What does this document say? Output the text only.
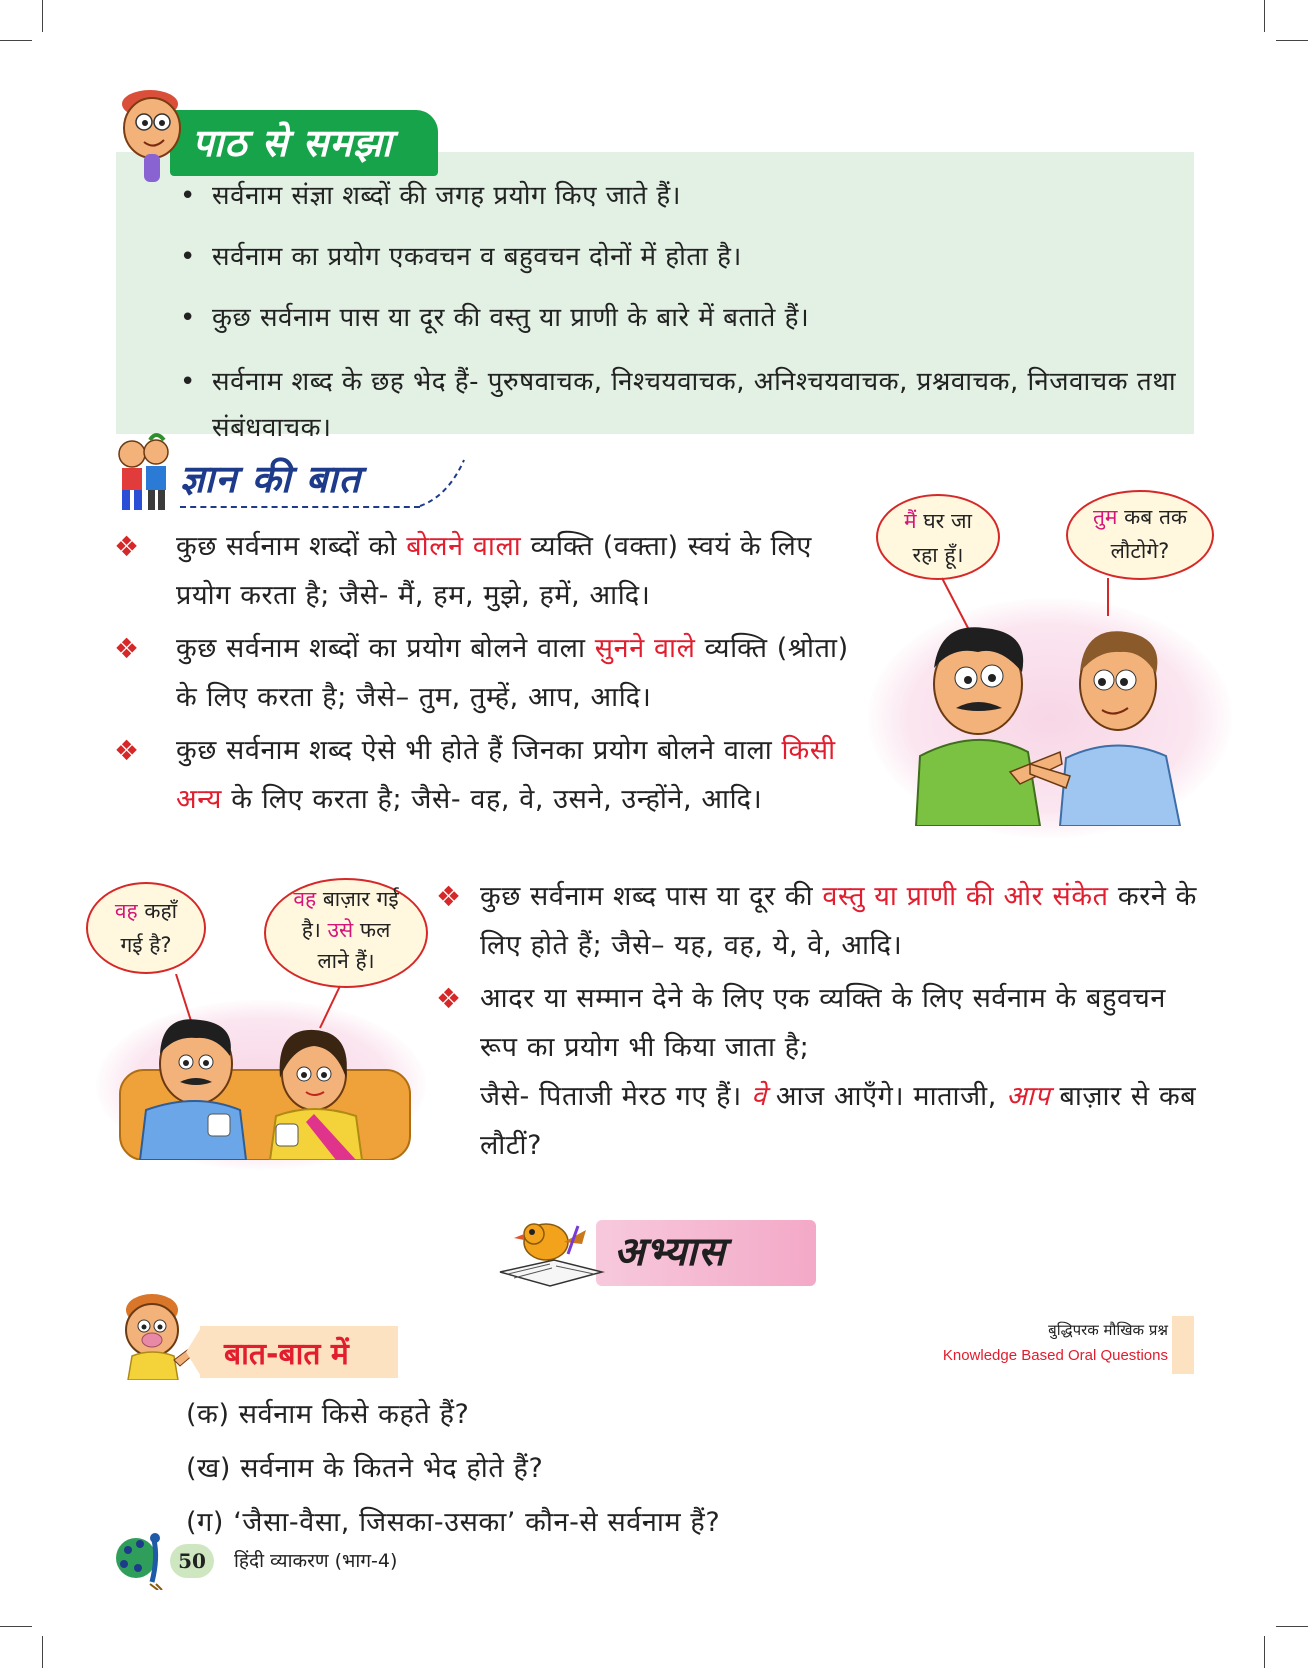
पाठ से समझा
• सर्वनाम संज्ञा शब्दों की जगह प्रयोग किए जाते हैं।
• सर्वनाम का प्रयोग एकवचन व बहुवचन दोनों में होता है।
• कुछ सर्वनाम पास या दूर की वस्तु या प्राणी के बारे में बताते हैं।
• सर्वनाम शब्द के छह भेद हैं- पुरुषवाचक, निश्चयवाचक, अनिश्चयवाचक, प्रश्नवाचक, निजवाचक तथा संबंधवाचक।
ज्ञान की बात
❖ कुछ सर्वनाम शब्दों को बोलने वाला व्यक्ति (वक्ता) स्वयं के लिए प्रयोग करता है; जैसे- मैं, हम, मुझे, हमें, आदि।
❖ कुछ सर्वनाम शब्दों का प्रयोग बोलने वाला सुनने वाले व्यक्ति (श्रोता) के लिए करता है; जैसे– तुम, तुम्हें, आप, आदि।
❖ कुछ सर्वनाम शब्द ऐसे भी होते हैं जिनका प्रयोग बोलने वाला किसी अन्य के लिए करता है; जैसे- वह, वे, उसने, उन्होंने, आदि।
मैं घर जा
रहा हूँ।
तुम कब तक
लौटोगे?
वह कहाँ
गई है?
वह बाज़ार गई
है। उसे फल
लाने हैं।
❖ कुछ सर्वनाम शब्द पास या दूर की वस्तु या प्राणी की ओर संकेत करने के लिए होते हैं; जैसे– यह, वह, ये, वे, आदि।
❖ आदर या सम्मान देने के लिए एक व्यक्ति के लिए सर्वनाम के बहुवचन रूप का प्रयोग भी किया जाता है;
जैसे- पिताजी मेरठ गए हैं। वे आज आएँगे। माताजी, आप बाज़ार से कब लौटीं?
अभ्यास
बात-बात में
बुद्धिपरक मौखिक प्रश्न
Knowledge Based Oral Questions
(क) सर्वनाम किसे कहते हैं?
(ख) सर्वनाम के कितने भेद होते हैं?
(ग) ‘जैसा-वैसा, जिसका-उसका’ कौन-से सर्वनाम हैं?
50	हिंदी व्याकरण (भाग-4)
